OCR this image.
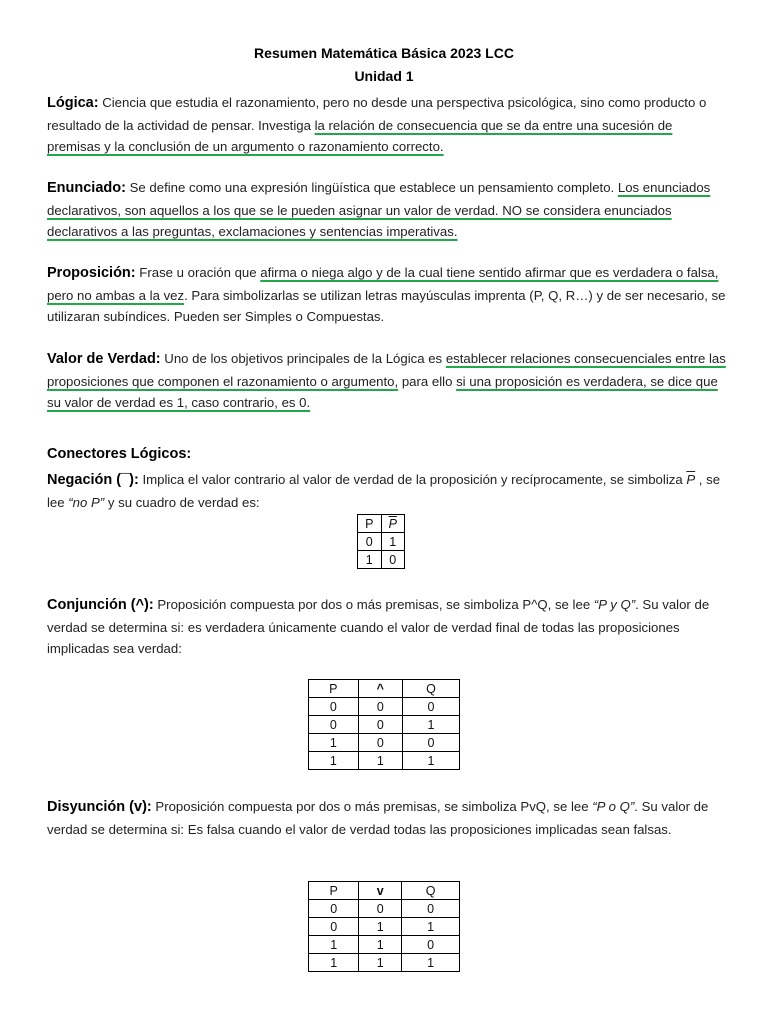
Resumen Matemática Básica 2023 LCC
Unidad 1
Lógica: Ciencia que estudia el razonamiento, pero no desde una perspectiva psicológica, sino como producto o resultado de la actividad de pensar. Investiga la relación de consecuencia que se da entre una sucesión de premisas y la conclusión de un argumento o razonamiento correcto.
Enunciado: Se define como una expresión lingüística que establece un pensamiento completo. Los enunciados declarativos, son aquellos a los que se le pueden asignar un valor de verdad. NO se considera enunciados declarativos a las preguntas, exclamaciones y sentencias imperativas.
Proposición: Frase u oración que afirma o niega algo y de la cual tiene sentido afirmar que es verdadera o falsa, pero no ambas a la vez. Para simbolizarlas se utilizan letras mayúsculas imprenta (P, Q, R…) y de ser necesario, se utilizaran subíndices. Pueden ser Simples o Compuestas.
Valor de Verdad: Uno de los objetivos principales de la Lógica es establecer relaciones consecuenciales entre las proposiciones que componen el razonamiento o argumento, para ello si una proposición es verdadera, se dice que su valor de verdad es 1, caso contrario, es 0.
Conectores Lógicos:
Negación (¯): Implica el valor contrario al valor de verdad de la proposición y recíprocamente, se simboliza $\overline{P}$ , se lee “no P” y su cuadro de verdad es:
P	$\overline{P}$
0	1
1	0
Conjunción (^): Proposición compuesta por dos o más premisas, se simboliza P^Q, se lee “P y Q”. Su valor de verdad se determina si: es verdadera únicamente cuando el valor de verdad final de todas las proposiciones implicadas sea verdad:
P	^	Q
0	0	0
0	0	1
1	0	0
1	1	1
Disyunción (v): Proposición compuesta por dos o más premisas, se simboliza PvQ, se lee “P o Q”. Su valor de verdad se determina si: Es falsa cuando el valor de verdad todas las proposiciones implicadas sean falsas.
P	v	Q
0	0	0
0	1	1
1	1	0
1	1	1
